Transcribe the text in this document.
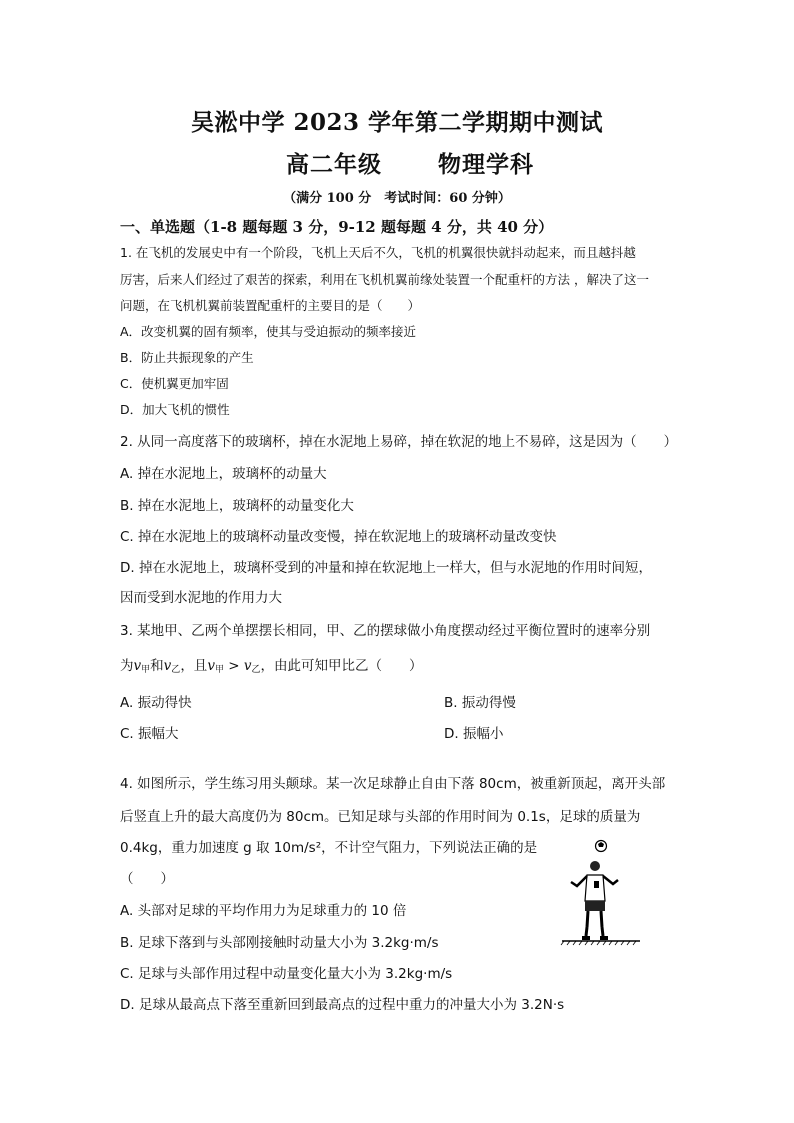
吴淞中学 2023 学年第二学期期中测试
高二年级 物理学科
（满分 100 分　考试时间：60 分钟）
一、单选题（1-8 题每题 3 分，9-12 题每题 4 分，共 40 分）
1. 在飞机的发展史中有一个阶段，飞机上天后不久，飞机的机翼很快就抖动起来，而且越抖越
厉害，后来人们经过了艰苦的探索，利用在飞机机翼前缘处装置一个配重杆的方法 ，解决了这一
问题，在飞机机翼前装置配重杆的主要目的是（　　）
A．改变机翼的固有频率，使其与受迫振动的频率接近
B．防止共振现象的产生
C．使机翼更加牢固
D．加大飞机的惯性
2. 从同一高度落下的玻璃杯，掉在水泥地上易碎，掉在软泥的地上不易碎，这是因为（　　）
A. 掉在水泥地上，玻璃杯的动量大
B. 掉在水泥地上，玻璃杯的动量变化大
C. 掉在水泥地上的玻璃杯动量改变慢，掉在软泥地上的玻璃杯动量改变快
D. 掉在水泥地上，玻璃杯受到的冲量和掉在软泥地上一样大，但与水泥地的作用时间短，
因而受到水泥地的作用力大
3. 某地甲、乙两个单摆摆长相同，甲、乙的摆球做小角度摆动经过平衡位置时的速率分别
为v甲和v乙，且v甲 > v乙，由此可知甲比乙（　　）
A. 振动得快	B. 振动得慢
C. 振幅大	D. 振幅小
4. 如图所示，学生练习用头颠球。某一次足球静止自由下落 80cm，被重新顶起，离开头部
后竖直上升的最大高度仍为 80cm。已知足球与头部的作用时间为 0.1s，足球的质量为
0.4kg，重力加速度 g 取 10m/s²，不计空气阻力，下列说法正确的是
（　　）
A. 头部对足球的平均作用力为足球重力的 10 倍
B. 足球下落到与头部刚接触时动量大小为 3.2kg·m/s
C. 足球与头部作用过程中动量变化量大小为 3.2kg·m/s
D. 足球从最高点下落至重新回到最高点的过程中重力的冲量大小为 3.2N·s
